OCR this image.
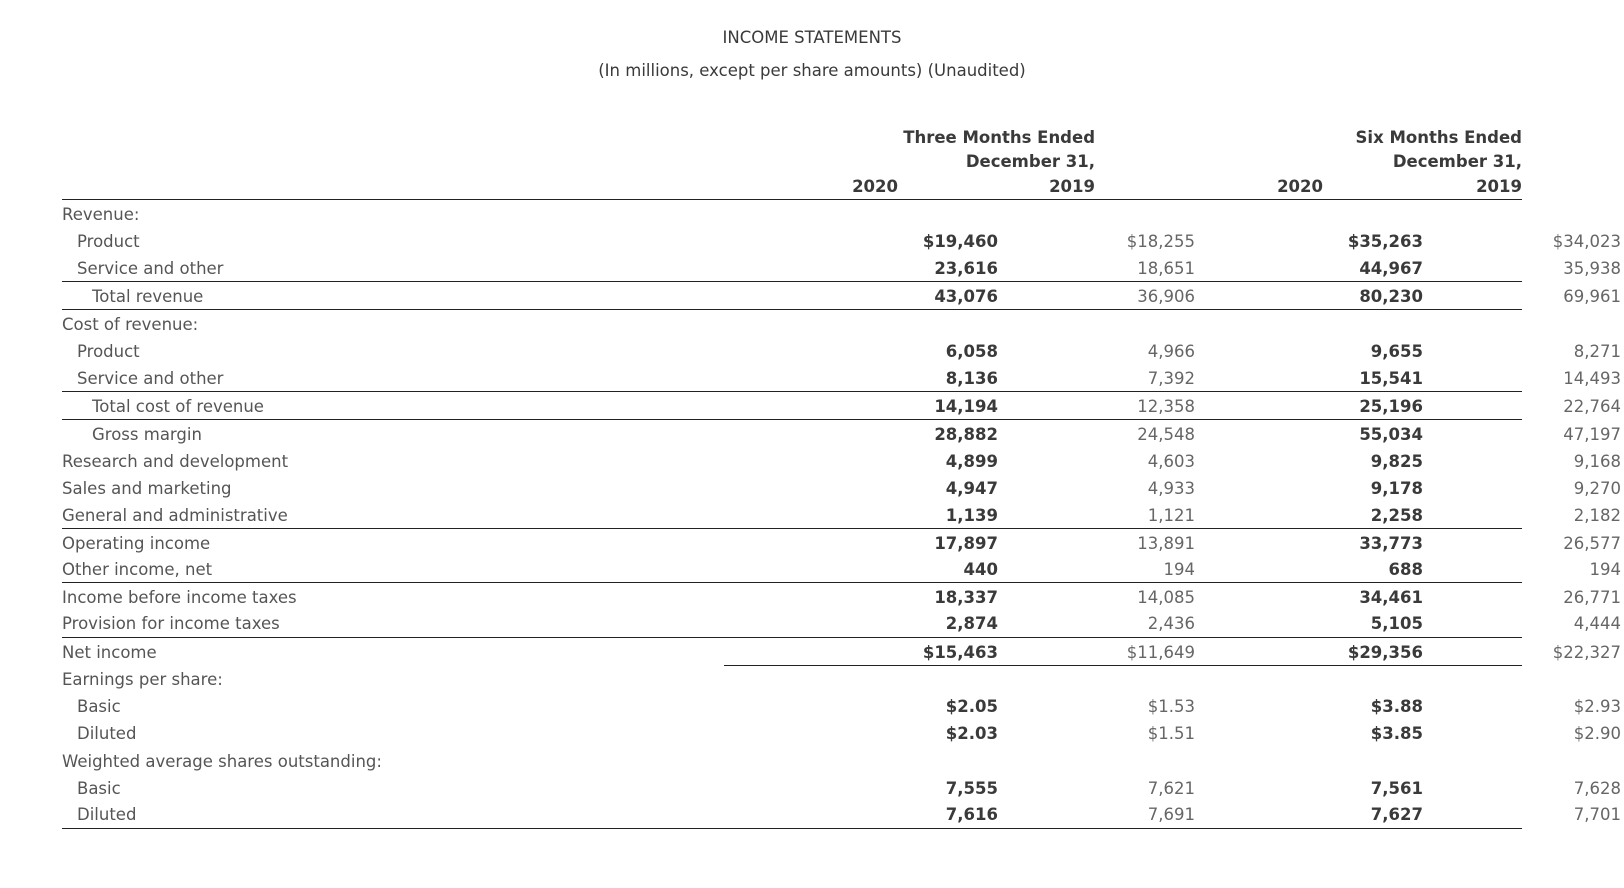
INCOME STATEMENTS
(In millions, except per share amounts) (Unaudited)
Three Months Ended
December 31,
Six Months Ended
December 31,
2020	2019	2020	2019
Revenue:
Product	$19,460	$18,255	$35,263	$34,023
Service and other	23,616	18,651	44,967	35,938
Total revenue	43,076	36,906	80,230	69,961
Cost of revenue:
Product	6,058	4,966	9,655	8,271
Service and other	8,136	7,392	15,541	14,493
Total cost of revenue	14,194	12,358	25,196	22,764
Gross margin	28,882	24,548	55,034	47,197
Research and development	4,899	4,603	9,825	9,168
Sales and marketing	4,947	4,933	9,178	9,270
General and administrative	1,139	1,121	2,258	2,182
Operating income	17,897	13,891	33,773	26,577
Other income, net	440	194	688	194
Income before income taxes	18,337	14,085	34,461	26,771
Provision for income taxes	2,874	2,436	5,105	4,444
Net income	$15,463	$11,649	$29,356	$22,327
Earnings per share:
Basic	$2.05	$1.53	$3.88	$2.93
Diluted	$2.03	$1.51	$3.85	$2.90
Weighted average shares outstanding:
Basic	7,555	7,621	7,561	7,628
Diluted	7,616	7,691	7,627	7,701
